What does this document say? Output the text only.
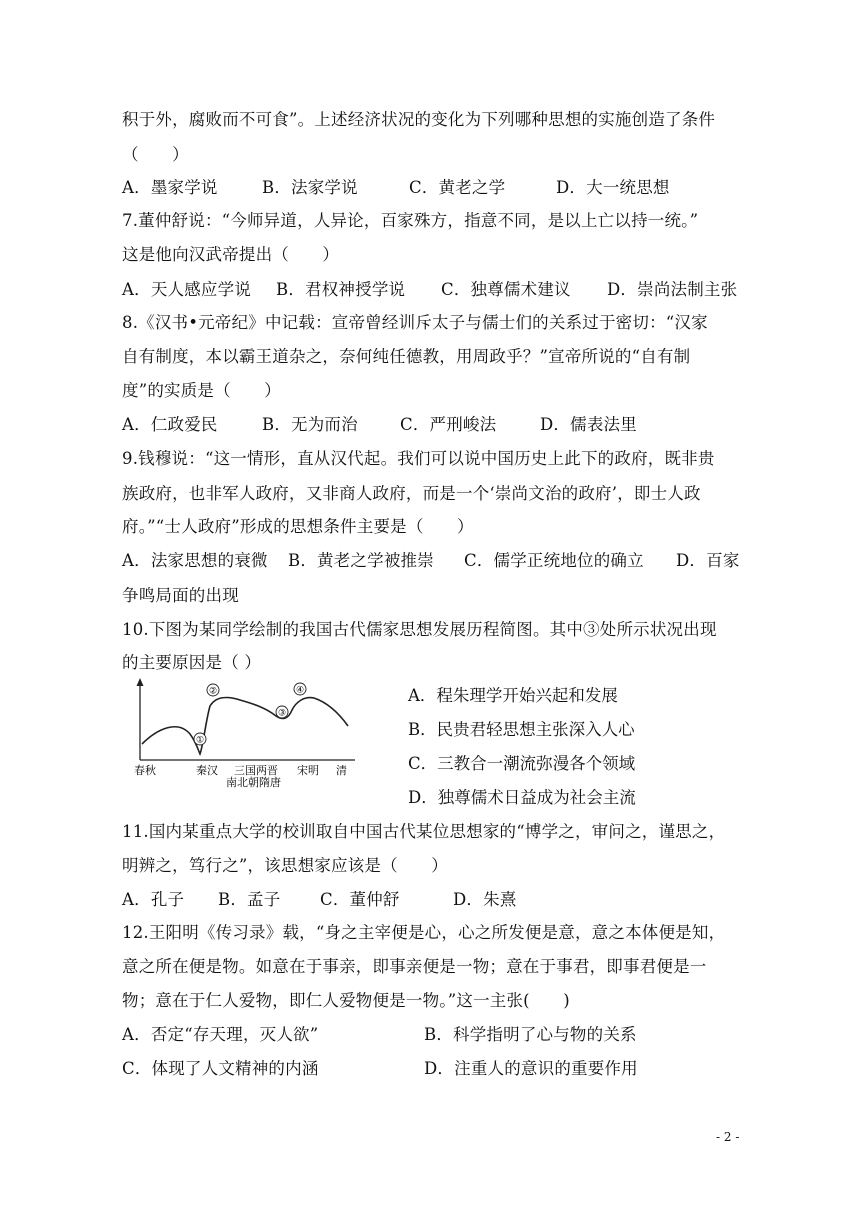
积于外，腐败而不可食”。上述经济状况的变化为下列哪种思想的实施创造了条件
（　　）
A．墨家学说	B．法家学说	C．黄老之学	D．大一统思想
7.董仲舒说：“今师异道，人异论，百家殊方，指意不同，是以上亡以持一统。”
这是他向汉武帝提出（　　）
A．天人感应学说 B．君权神授学说 C．独尊儒术建议 D．崇尚法制主张
8.《汉书•元帝纪》中记载：宣帝曾经训斥太子与儒士们的关系过于密切：“汉家
自有制度，本以霸王道杂之，奈何纯任德教，用周政乎？”宣帝所说的“自有制
度”的实质是（　　）
A．仁政爱民	B．无为而治	C．严刑峻法	D．儒表法里
9.钱穆说：“这一情形，直从汉代起。我们可以说中国历史上此下的政府，既非贵
族政府，也非军人政府，又非商人政府，而是一个‘崇尚文治的政府’，即士人政
府。”“士人政府”形成的思想条件主要是（　　）
A．法家思想的衰微 B．黄老之学被推崇 C．儒学正统地位的确立 D．百家
争鸣局面的出现
10.下图为某同学绘制的我国古代儒家思想发展历程简图。其中③处所示状况出现
的主要原因是（ ）
①
②
③
④
春秋	秦汉 三国两晋 宋明 清
南北朝隋唐
A．程朱理学开始兴起和发展
B．民贵君轻思想主张深入人心
C．三教合一潮流弥漫各个领域
D．独尊儒术日益成为社会主流
11.国内某重点大学的校训取自中国古代某位思想家的“博学之，审问之，谨思之，
明辨之，笃行之”，该思想家应该是（　　）
A．孔子 B．孟子 C．董仲舒	D．朱熹
12.王阳明《传习录》载，“身之主宰便是心，心之所发便是意，意之本体便是知，
意之所在便是物。如意在于事亲，即事亲便是一物；意在于事君，即事君便是一
物；意在于仁人爱物，即仁人爱物便是一物。”这一主张(　　)
A．否定“存天理，灭人欲”	B．科学指明了心与物的关系
C．体现了人文精神的内涵	D．注重人的意识的重要作用
- 2 -
